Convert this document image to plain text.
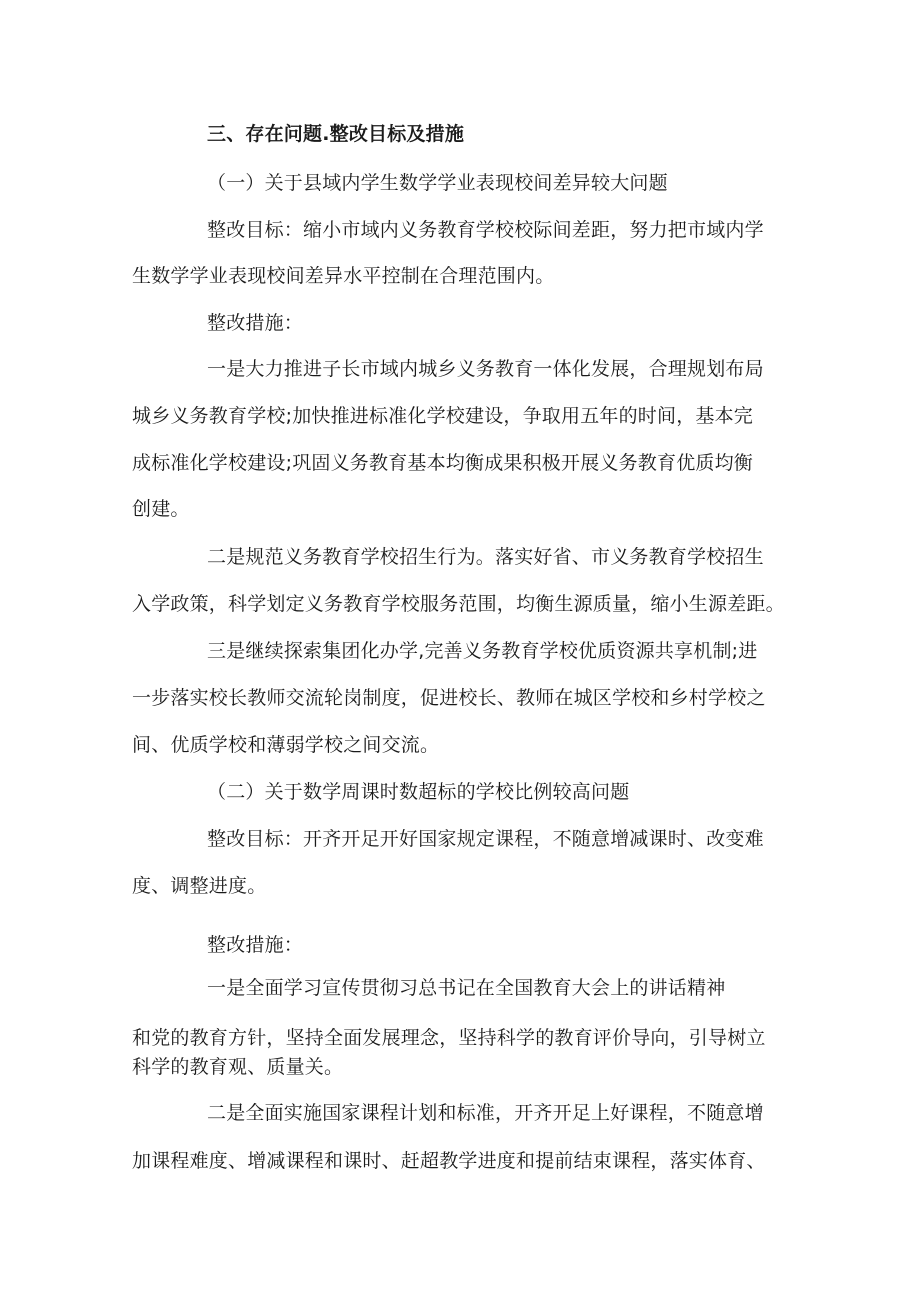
三、存在问题.整改目标及措施
（一）关于县域内学生数学学业表现校间差异较大问题
整改目标：缩小市域内义务教育学校校际间差距，努力把市域内学
生数学学业表现校间差异水平控制在合理范围内。
整改措施：
一是大力推进子长市域内城乡义务教育一体化发展，合理规划布局
城乡义务教育学校;加快推进标准化学校建设，争取用五年的时间，基本完
成标准化学校建设;巩固义务教育基本均衡成果积极开展义务教育优质均衡
创建。
二是规范义务教育学校招生行为。落实好省、市义务教育学校招生
入学政策，科学划定义务教育学校服务范围，均衡生源质量，缩小生源差距。
三是继续探索集团化办学,完善义务教育学校优质资源共享机制;进
一步落实校长教师交流轮岗制度，促进校长、教师在城区学校和乡村学校之
间、优质学校和薄弱学校之间交流。
（二）关于数学周课时数超标的学校比例较高问题
整改目标：开齐开足开好国家规定课程，不随意增减课时、改变难
度、调整进度。
整改措施：
一是全面学习宣传贯彻习总书记在全国教育大会上的讲话精神
和党的教育方针，坚持全面发展理念，坚持科学的教育评价导向，引导树立
科学的教育观、质量关。
二是全面实施国家课程计划和标准，开齐开足上好课程，不随意增
加课程难度、增减课程和课时、赶超教学进度和提前结束课程，落实体育、
